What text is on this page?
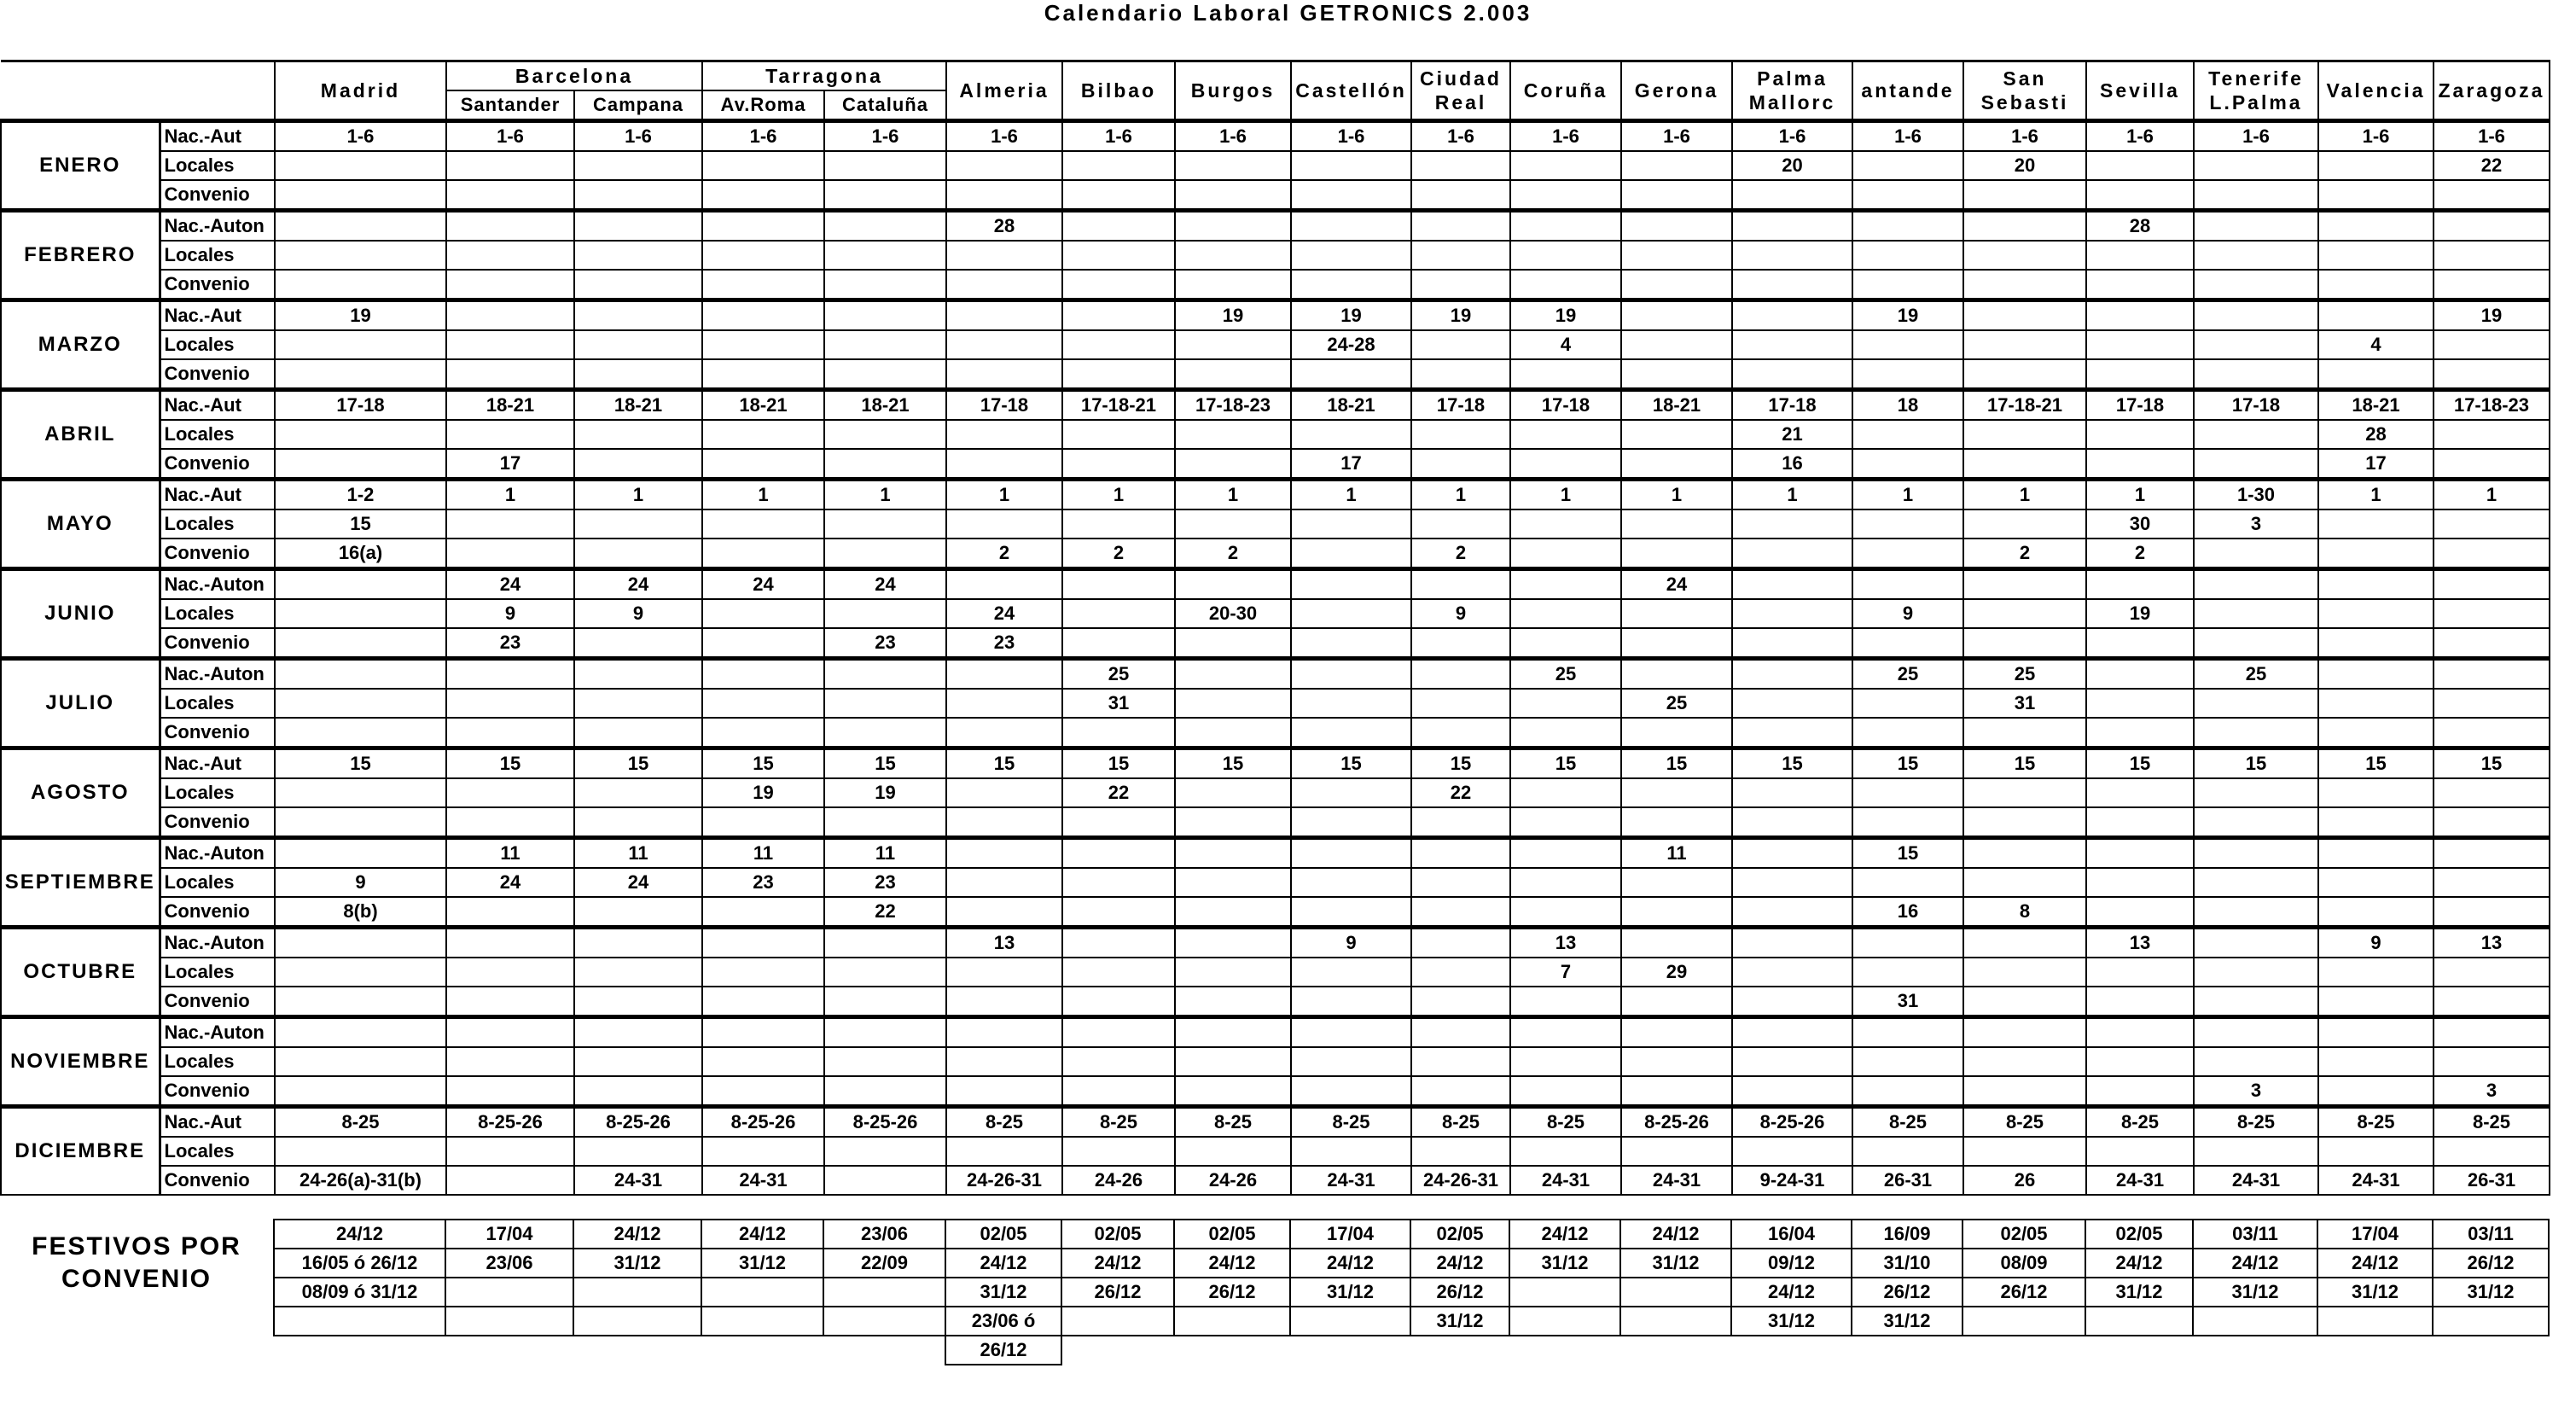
Calendario Laboral GETRONICS 2.003
		Madrid	Barcelona		Tarragona		Almeria	Bilbao	Burgos	Castellón	Ciudad Real	Coruña	Gerona	Palma Mallorc	antande	San Sebasti	Sevilla	Tenerife L.Palma	Valencia	Zaragoza
			Santander	Campana	Av.Roma	Cataluña														
ENERO	Nac.-Aut	1-6	1-6	1-6	1-6	1-6	1-6	1-6	1-6	1-6	1-6	1-6	1-6	1-6	1-6	1-6	1-6	1-6	1-6	1-6
	Locales													20		20				22
	Convenio																			
FEBRERO	Nac.-Auton						28										28			
	Locales																			
	Convenio																			
MARZO	Nac.-Aut	19							19	19	19	19			19					19
	Locales									24-28		4							4	
	Convenio																			
ABRIL	Nac.-Aut	17-18	18-21	18-21	18-21	18-21	17-18	17-18-21	17-18-23	18-21	17-18	17-18	18-21	17-18	18	17-18-21	17-18	17-18	18-21	17-18-23
	Locales													21					28	
	Convenio		17							17				16					17	
MAYO	Nac.-Aut	1-2	1	1	1	1	1	1	1	1	1	1	1	1	1	1	1	1-30	1	1
	Locales	15															30	3		
	Convenio	16(a)					2	2	2		2					2	2			
JUNIO	Nac.-Auton		24	24	24	24							24							
	Locales		9	9			24		20-30		9				9		19			
	Convenio		23			23	23													
JULIO	Nac.-Auton							25				25			25	25		25		
	Locales							31					25			31				
	Convenio																			
AGOSTO	Nac.-Aut	15	15	15	15	15	15	15	15	15	15	15	15	15	15	15	15	15	15	15
	Locales				19	19		22			22									
	Convenio																			
SEPTIEMBRE	Nac.-Auton		11	11	11	11							11		15					
	Locales	9	24	24	23	23														
	Convenio	8(b)				22									16	8				
OCTUBRE	Nac.-Auton						13			9		13					13		9	13
	Locales											7	29							
	Convenio														31					
NOVIEMBRE	Nac.-Auton																			
	Locales																			
	Convenio																	3		3
DICIEMBRE	Nac.-Aut	8-25	8-25-26	8-25-26	8-25-26	8-25-26	8-25	8-25	8-25	8-25	8-25	8-25	8-25-26	8-25-26	8-25	8-25	8-25	8-25	8-25	8-25
	Locales																			
	Convenio	24-26(a)-31(b)		24-31	24-31		24-26-31	24-26	24-26	24-31	24-26-31	24-31	24-31	9-24-31	26-31	26	24-31	24-31	24-31	26-31
FESTIVOS POR CONVENIO	24/12	17/04	24/12	24/12	23/06	02/05	02/05	02/05	17/04	02/05	24/12	24/12	16/04	16/09	02/05	02/05	03/11	17/04	03/11
	16/05 ó 26/12	23/06	31/12	31/12	22/09	24/12	24/12	24/12	24/12	24/12	31/12	31/12	09/12	31/10	08/09	24/12	24/12	24/12	26/12
	08/09 ó 31/12					31/12	26/12	26/12	31/12	26/12			24/12	26/12	26/12	31/12	31/12	31/12	31/12
						23/06 ó				31/12			31/12	31/12					
						26/12													
